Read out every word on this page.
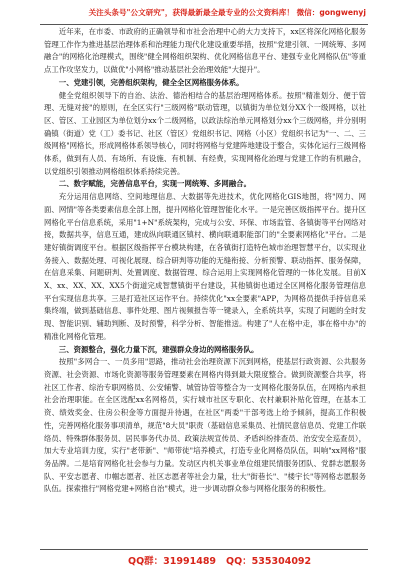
关注头条号"公文研究"，获得最新最全最专业的公文资料库！ 微信：gongwenyj

近年来，在市委、市政府的正确领导和市社会治理中心的大力支持下，xx区将深化网格化服务管理工作作为推进基层治理体系和治理能力现代化建设重要举措，按照"党建引领、一网统筹、多网融合"的网格化治理模式，围绕"健全网格组织架构、优化网格信息平台、建强专业化网格队伍"等重点工作攻坚发力，以做优"小网格"推动基层社会治理效能"大提升"。

一、党建引领，完善组织架构，健全全区网格服务体系。

健全党组织领导下的自治、法治、德治相结合的基层治理网格体系。按照"精准划分、便于管理、无缝对接"的原则，在全区实行"三级网格"联动管理，以镇街为单位划分XX个一级网格，以社区、管区、工业园区为单位划分xx个二级网格，以政法综治单元网格划分xx个三级网格，并分别明确镇（街道）党（工）委书记、社区（管区）党组织书记、网格（小区）党组织书记为"一、二、三级网格"网格长，形成网格体系领导核心，同时将网格与党建阵地建设于整合，实体化运行三级网格体系，做到有人员、有场所、有设施、有机制、有经费，实现网格化治理与党建工作的有机融合，以党组织引领推动网格组织体系持续完善。

二、数字赋能，完善信息平台，实现一网统筹、多网融合。

充分运用信息网络、空间地理信息、大数据等先进技术，优化网格化GIS地图，将"网力、网面、网情"等各类要素信息全部上图，提升网格化管理智能化水平。一是完善区级指挥平台。提升区网格化平台信息系统，采用"1+N"系统架构，完成与公安、环保、市场监管、各镇街等平台网络对接，数据共享，信息互通，建成纵向联通区镇村、横向联通职能部门的"全要素网格化"平台。二是建好镇街调度平台。根据区级指挥平台模块构建，在各镇街打造特色城市治理智慧平台，以实现业务接入、数据处理、可视化展现、综合研判等功能的无缝衔接、分析预警、联动指挥、服务保障，在信息采集、问题研判、处置调度、数据管理、综合运用上实现网格化管理的一体化发展。目前XX、xx、XX、XX、XX5个街道完成智慧镇街平台建设，其他镇街也通过全区网格化服务管理信息平台实现信息共享。三是打造社区运作平台。持续优化"xx全要素"APP，为网格员提供手持信息采集终端，做到基础信息、事件处理、图片视频报告等一键录入，全系统共享，实现了问题的全时发现、智能识别、辅助判断、及时预警，科学分析、智能推送。构建了"人在格中走，事在格中办"的精准化网格化管理。

三、资源整合，强化力量下沉，建强群众身边的网格服务队。

按照"多网合一、一员多用"思路，推动社会治理资源下沉到网格，使基层行政资源、公共服务资源、社会资源、市场化资源等服务管理要素在网格内得到最大限度整合。做到资源整合共享，将社区工作者、综治专职网格员、公安辅警、城管协管等整合为一支网格化服务队伍，在网格内承担社会治理职能。在全区选配xx名网格员，实行城市社区专职化、农村兼职补贴化管理，在基本工资、绩效奖金、住房公积金等方面提升待遇，在社区"两委"干部考选上给予倾斜，提高工作积极性，完善网格化服务事项清单，规范"8大员"职责（基础信息采集员、社情民意信息员、党建工作联络员、特殊群体服务员、居民事务代办员、政策法规宣传员、矛盾纠纷排查员、治安安全巡查员），加大专业培训力度，实行"老带新"、"师带徒"培养模式，打造专业化网格员队伍，叫响"xx网格"服务品牌。二是培育网格化社会参与力量。发动区内机关事业单位组建民情服务团队、党群志愿服务队、平安志愿者、巾帼志愿者、社区志愿者等社会力量，壮大"街巷长"、"楼宇长"等网格志愿服务队伍。探索推行"网格党建+网格自治"模式，进一步调动群众参与网格化服务的积极性。

QQ群：31991489 QQ：535304092
